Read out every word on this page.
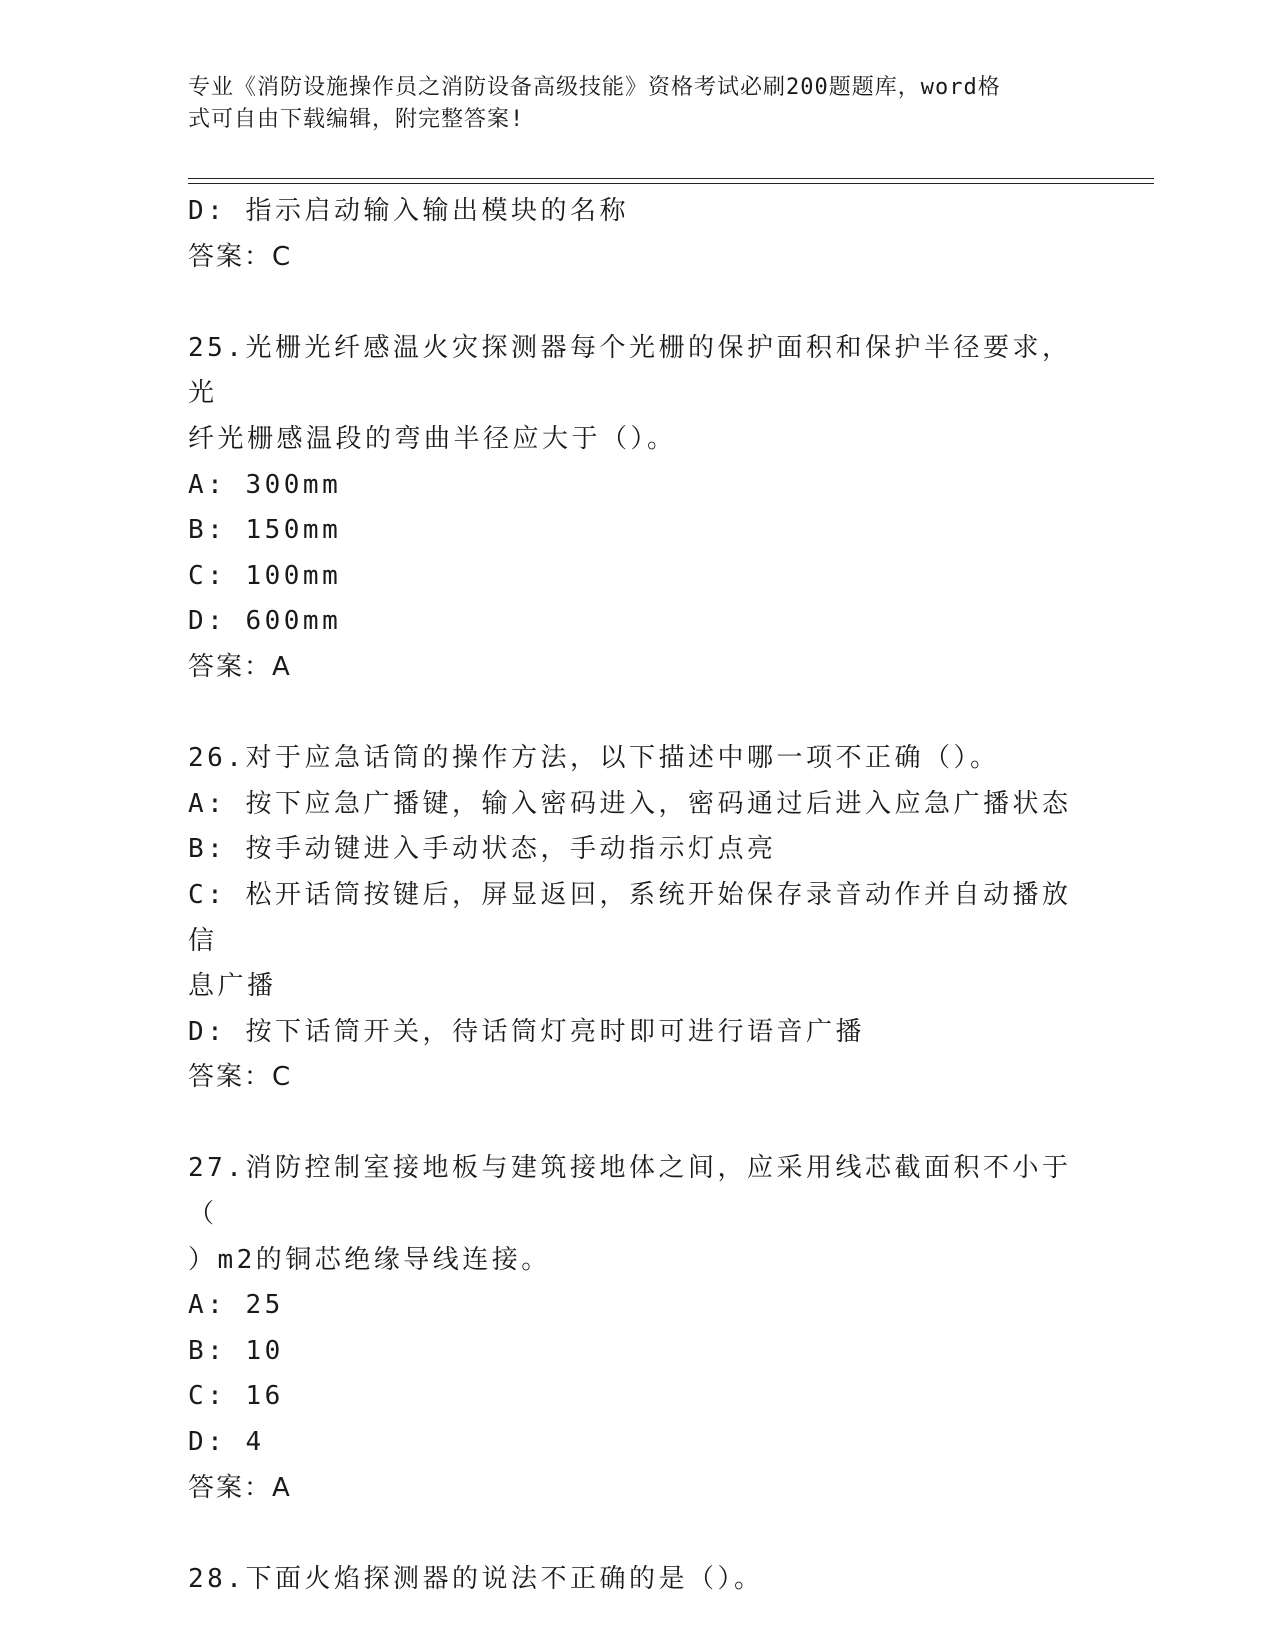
专业《消防设施操作员之消防设备高级技能》资格考试必刷200题题库，word格
式可自由下载编辑，附完整答案!
D: 指示启动输入输出模块的名称
答案：C
25.光栅光纤感温火灾探测器每个光栅的保护面积和保护半径要求，光
纤光栅感温段的弯曲半径应大于（）。
A: 300mm
B: 150mm
C: 100mm
D: 600mm
答案：A
26.对于应急话筒的操作方法，以下描述中哪一项不正确（）。
A: 按下应急广播键，输入密码进入，密码通过后进入应急广播状态
B: 按手动键进入手动状态，手动指示灯点亮
C: 松开话筒按键后，屏显返回，系统开始保存录音动作并自动播放信
息广播
D: 按下话筒开关，待话筒灯亮时即可进行语音广播
答案：C
27.消防控制室接地板与建筑接地体之间，应采用线芯截面积不小于（
）m2的铜芯绝缘导线连接。
A: 25
B: 10
C: 16
D: 4
答案：A
28.下面火焰探测器的说法不正确的是（）。
